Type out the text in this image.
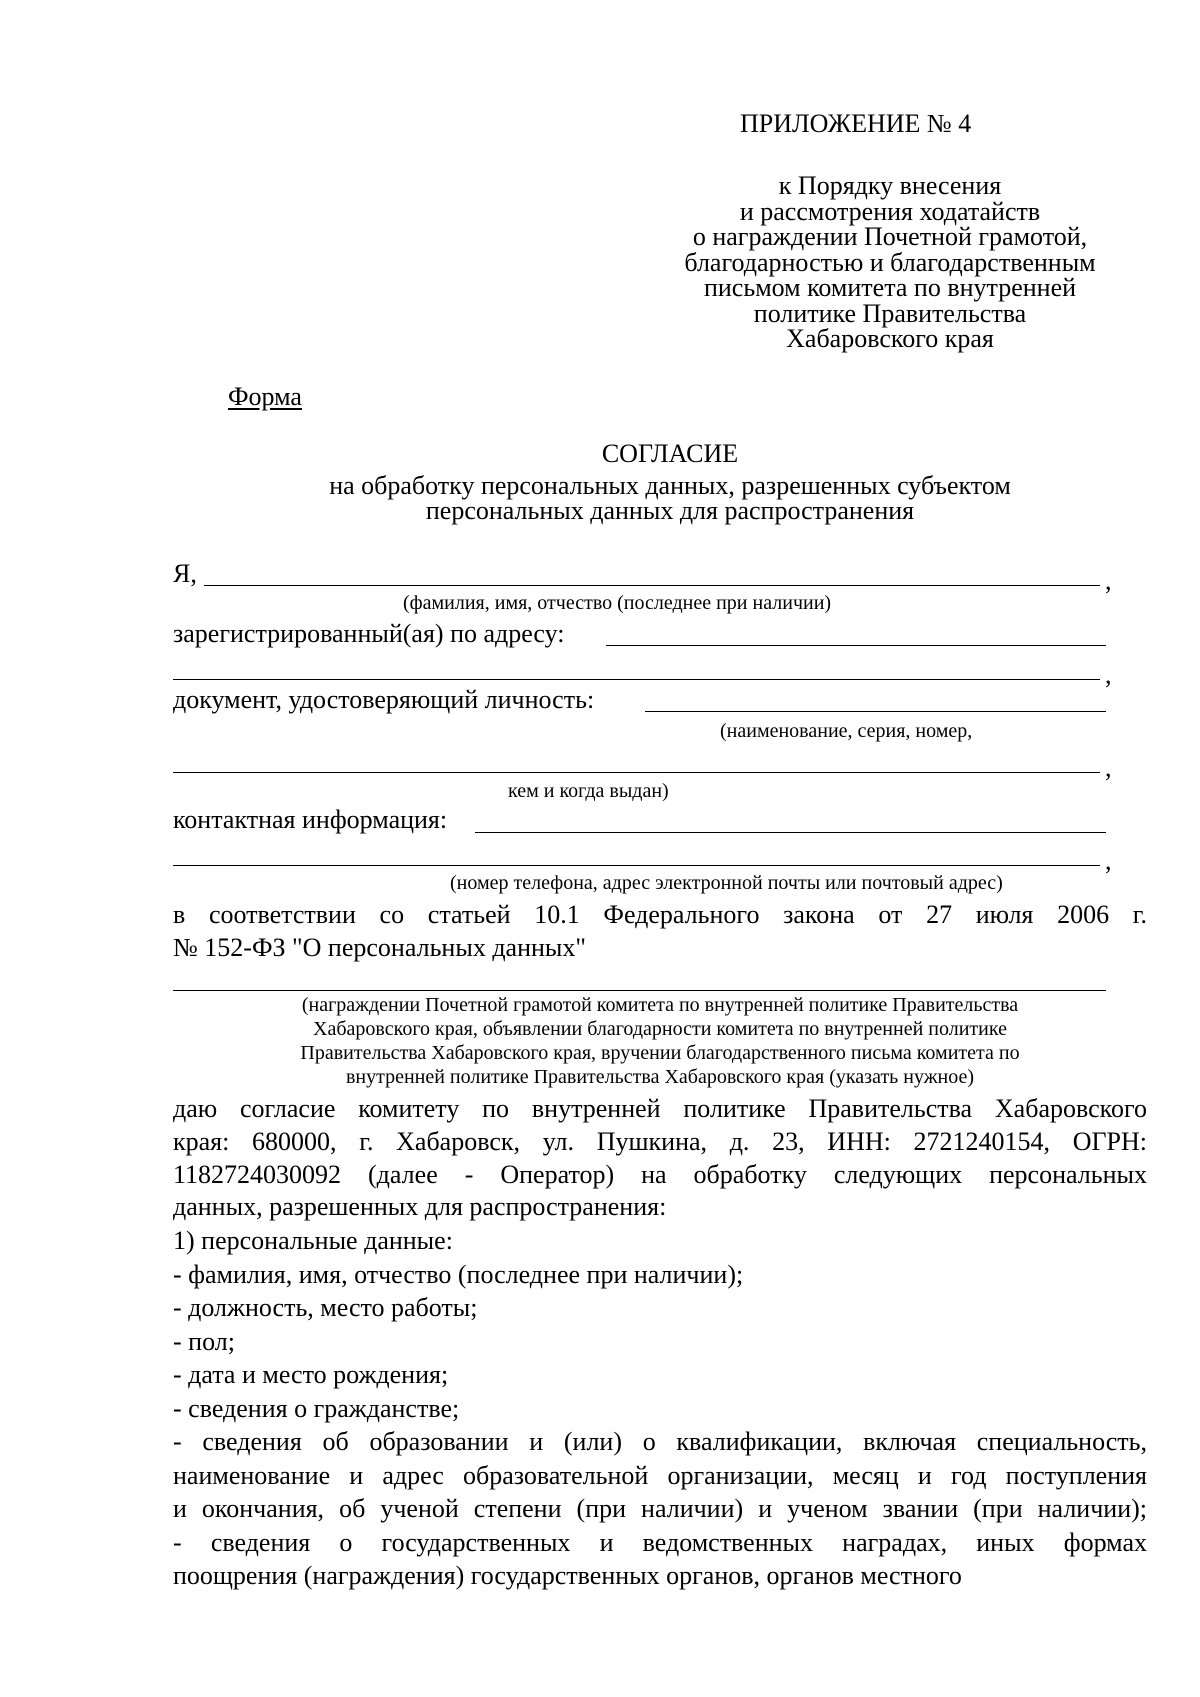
ПРИЛОЖЕНИЕ № 4
к Порядку внесения
и рассмотрения ходатайств
о награждении Почетной грамотой,
благодарностью и благодарственным
письмом комитета по внутренней
политике Правительства
Хабаровского края
Форма
СОГЛАСИЕ
на обработку персональных данных, разрешенных субъектом
персональных данных для распространения
Я,	,
(фамилия, имя, отчество (последнее при наличии)
зарегистрированный(ая) по адресу:
,
документ, удостоверяющий личность:
(наименование, серия, номер,
,
кем и когда выдан)
контактная информация:
,
(номер телефона, адрес электронной почты или почтовый адрес)
в соответствии со статьей 10.1 Федерального закона от 27 июля 2006 г.
№ 152-ФЗ "О персональных данных"
(награждении Почетной грамотой комитета по внутренней политике Правительства
Хабаровского края, объявлении благодарности комитета по внутренней политике
Правительства Хабаровского края, вручении благодарственного письма комитета по
внутренней политике Правительства Хабаровского края (указать нужное)
даю согласие комитету по внутренней политике Правительства Хабаровского
края: 680000, г. Хабаровск, ул. Пушкина, д. 23, ИНН: 2721240154, ОГРН:
1182724030092 (далее - Оператор) на обработку следующих персональных
данных, разрешенных для распространения:

1) персональные данные:

- фамилия, имя, отчество (последнее при наличии);

- должность, место работы;

- пол;

- дата и место рождения;

- сведения о гражданстве;

- сведения об образовании и (или) о квалификации, включая специальность,

наименование и адрес образовательной организации, месяц и год поступления

и окончания, об ученой степени (при наличии) и ученом звании (при наличии);

- сведения о государственных и ведомственных наградах, иных формах

поощрения (награждения) государственных органов, органов местного
